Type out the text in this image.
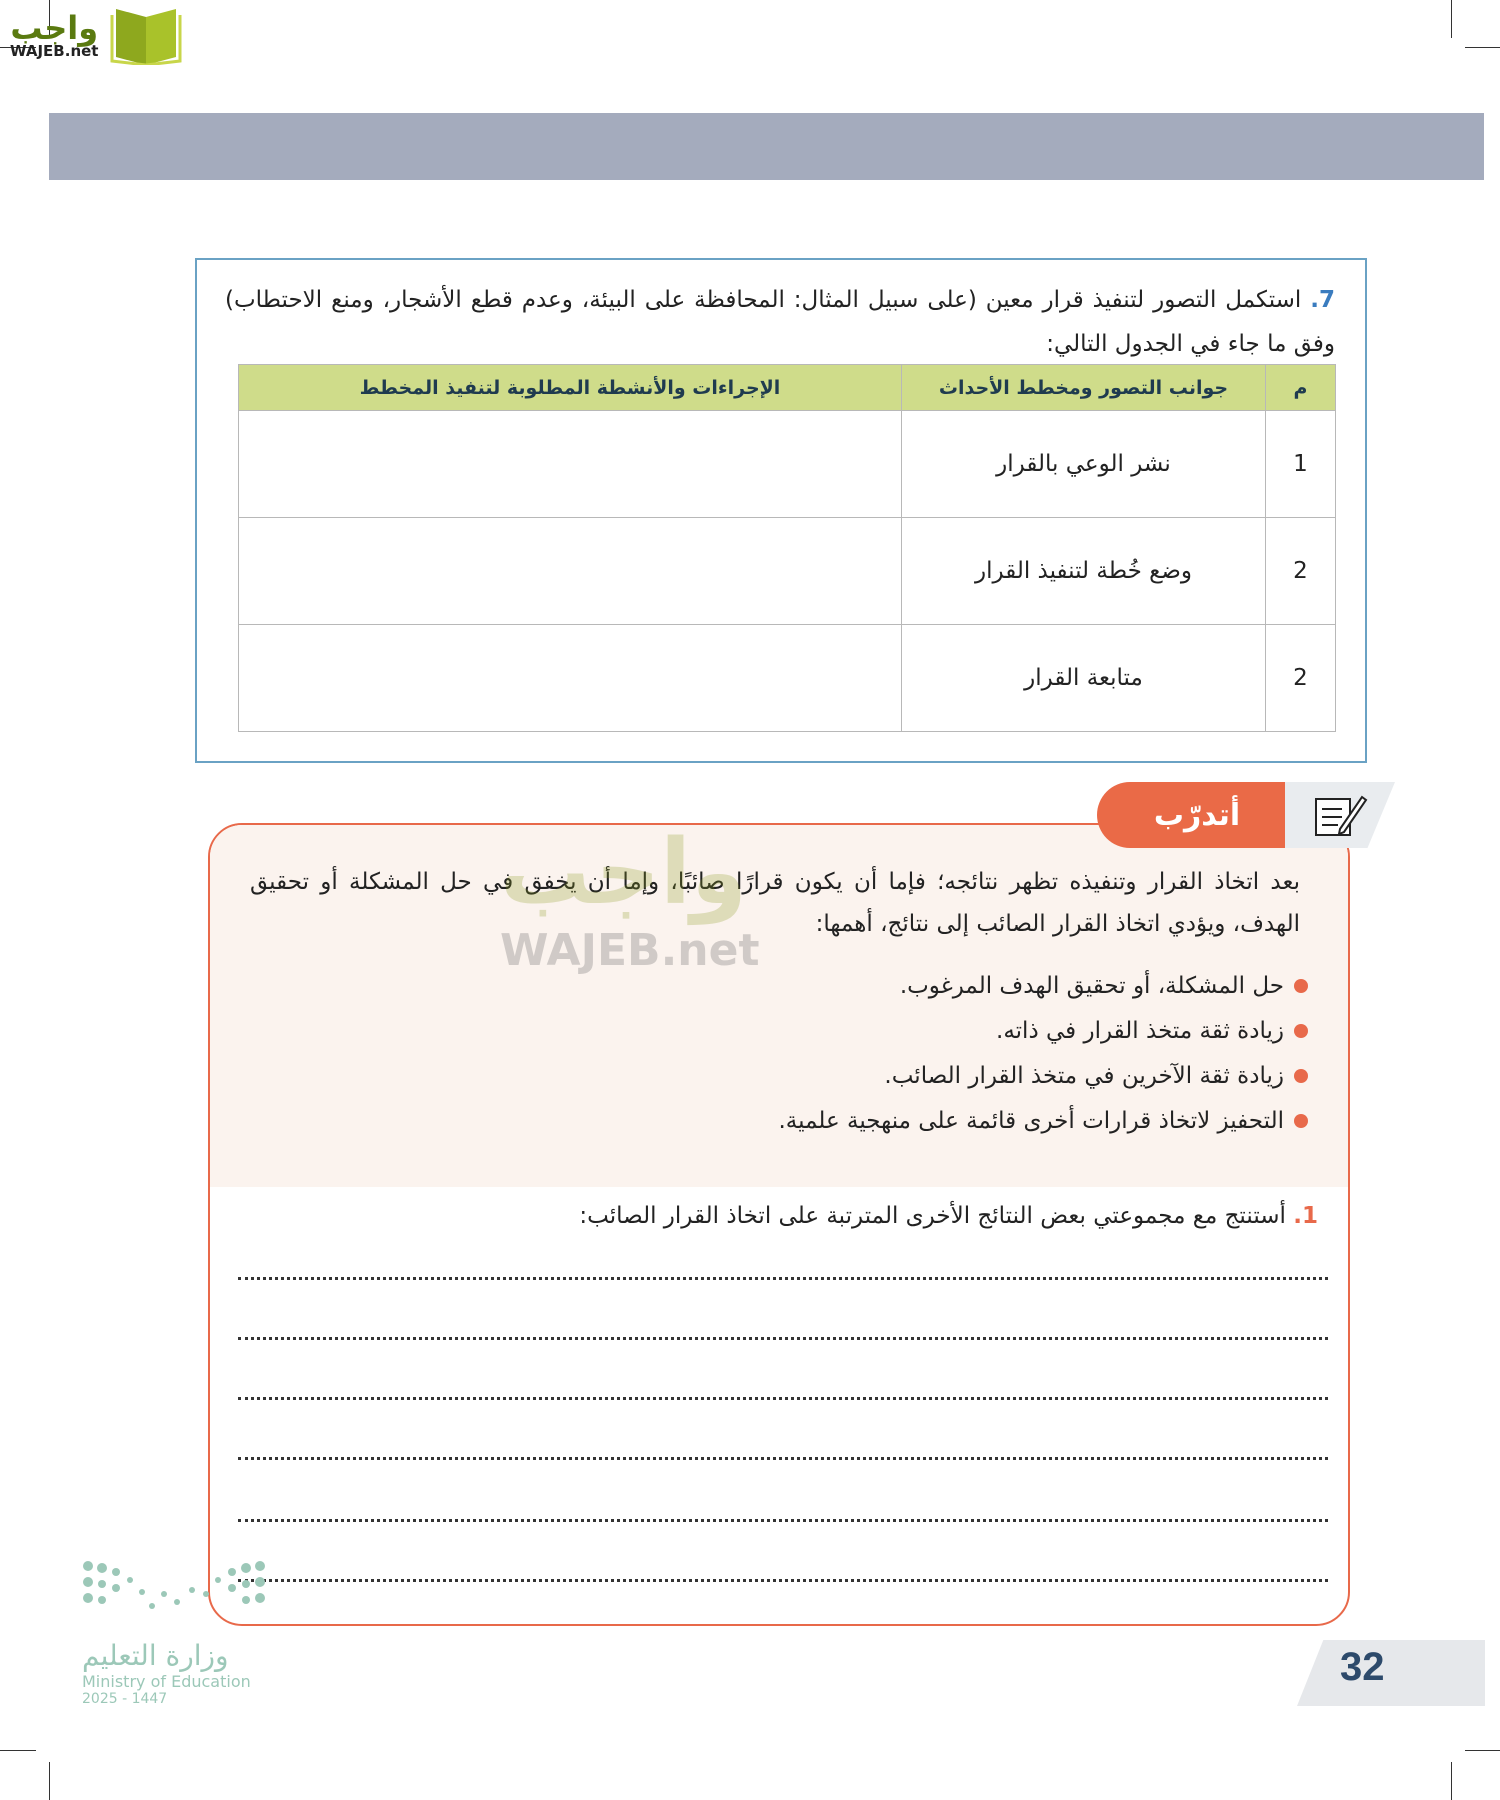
واجب
WAJEB.net
7. استكمل التصور لتنفيذ قرار معين (على سبيل المثال: المحافظة على البيئة، وعدم قطع الأشجار، ومنع الاحتطاب) وفق ما جاء في الجدول التالي:
م	جوانب التصور ومخطط الأحداث	الإجراءات والأنشطة المطلوبة لتنفيذ المخطط
1	نشر الوعي بالقرار	
2	وضع خُطة لتنفيذ القرار	
2	متابعة القرار	
بعد اتخاذ القرار وتنفيذه تظهر نتائجه؛ فإما أن يكون قرارًا صائبًا، وإما أن يخفق في حل المشكلة أو تحقيق الهدف، ويؤدي اتخاذ القرار الصائب إلى نتائج، أهمها:
حل المشكلة، أو تحقيق الهدف المرغوب.
زيادة ثقة متخذ القرار في ذاته.
زيادة ثقة الآخرين في متخذ القرار الصائب.
التحفيز لاتخاذ قرارات أخرى قائمة على منهجية علمية.
1. أستنتج مع مجموعتي بعض النتائج الأخرى المترتبة على اتخاذ القرار الصائب:
أتدرّب
واجب
WAJEB.net
وزارة التعليم
Ministry of Education
2025 - 1447
32
